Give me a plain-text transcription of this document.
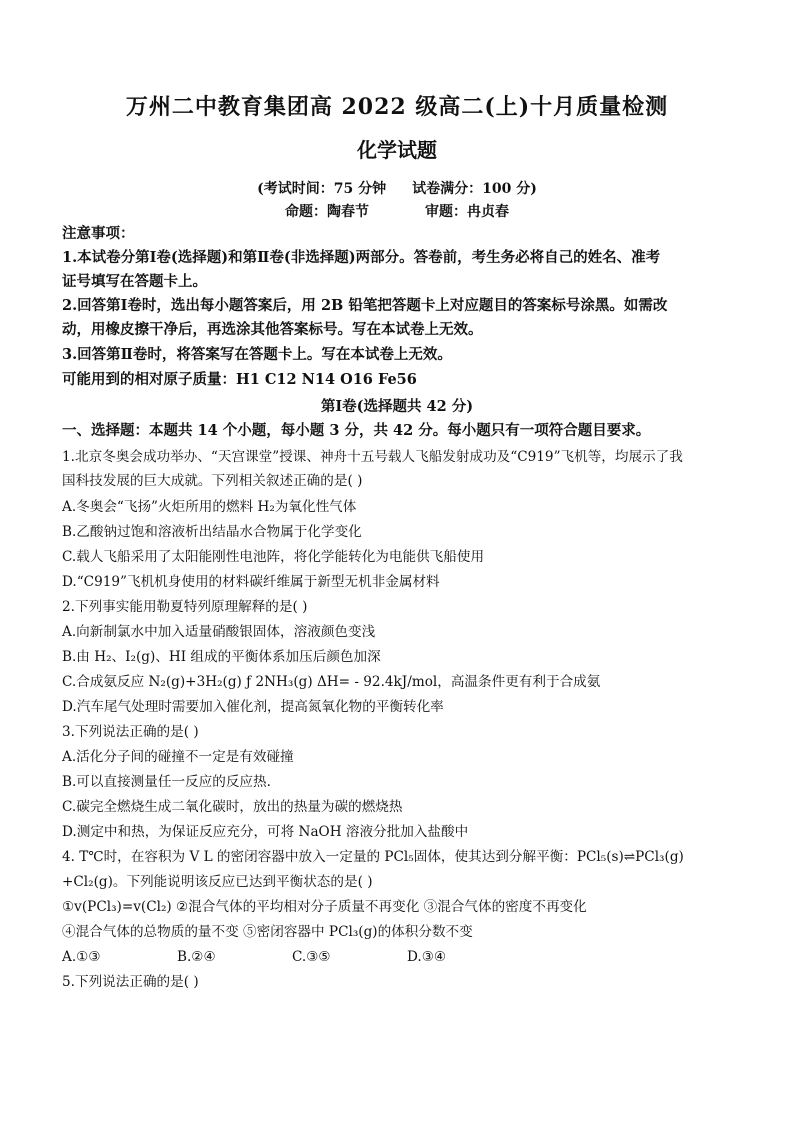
万州二中教育集团高 2022 级高二(上)十月质量检测
化学试题
(考试时间：75 分钟 试卷满分：100 分)
命题：陶春节	审题：冉贞春
注意事项：
1.本试卷分第Ⅰ卷(选择题)和第Ⅱ卷(非选择题)两部分。答卷前，考生务必将自己的姓名、准考
证号填写在答题卡上。
2.回答第Ⅰ卷时，选出每小题答案后，用 2B 铅笔把答题卡上对应题目的答案标号涂黑。如需改
动，用橡皮擦干净后，再选涂其他答案标号。写在本试卷上无效。
3.回答第Ⅱ卷时，将答案写在答题卡上。写在本试卷上无效。
可能用到的相对原子质量：H1 C12 N14 O16 Fe56
第Ⅰ卷(选择题共 42 分)
一、选择题：本题共 14 个小题，每小题 3 分，共 42 分。每小题只有一项符合题目要求。
1.北京冬奥会成功举办、“天宫课堂”授课、神舟十五号载人飞船发射成功及“C919”飞机等，均展示了我
国科技发展的巨大成就。下列相关叙述正确的是( )
A.冬奥会“飞扬”火炬所用的燃料 H₂为氧化性气体
B.乙酸钠过饱和溶液析出结晶水合物属于化学变化
C.载人飞船采用了太阳能刚性电池阵，将化学能转化为电能供飞船使用
D.“C919”飞机机身使用的材料碳纤维属于新型无机非金属材料
2.下列事实能用勒夏特列原理解释的是( )
A.向新制氯水中加入适量硝酸银固体，溶液颜色变浅
B.由 H₂、I₂(g)、HI 组成的平衡体系加压后颜色加深
C.合成氨反应 N₂(g)+3H₂(g) ƒ 2NH₃(g) ΔH= - 92.4kJ/mol，高温条件更有利于合成氨
D.汽车尾气处理时需要加入催化剂，提高氮氧化物的平衡转化率
3.下列说法正确的是( )
A.活化分子间的碰撞不一定是有效碰撞
B.可以直接测量任一反应的反应热.
C.碳完全燃烧生成二氧化碳时，放出的热量为碳的燃烧热
D.测定中和热，为保证反应充分，可将 NaOH 溶液分批加入盐酸中
4. T℃时，在容积为 V L 的密闭容器中放入一定量的 PCl₅固体，使其达到分解平衡：PCl₅(s)⇌PCl₃(g)
+Cl₂(g)。下列能说明该反应已达到平衡状态的是( )
①v(PCl₃)=v(Cl₂) ②混合气体的平均相对分子质量不再变化 ③混合气体的密度不再变化
④混合气体的总物质的量不变 ⑤密闭容器中 PCl₃(g)的体积分数不变
A.①③	B.②④	C.③⑤	D.③④
5.下列说法正确的是( )
